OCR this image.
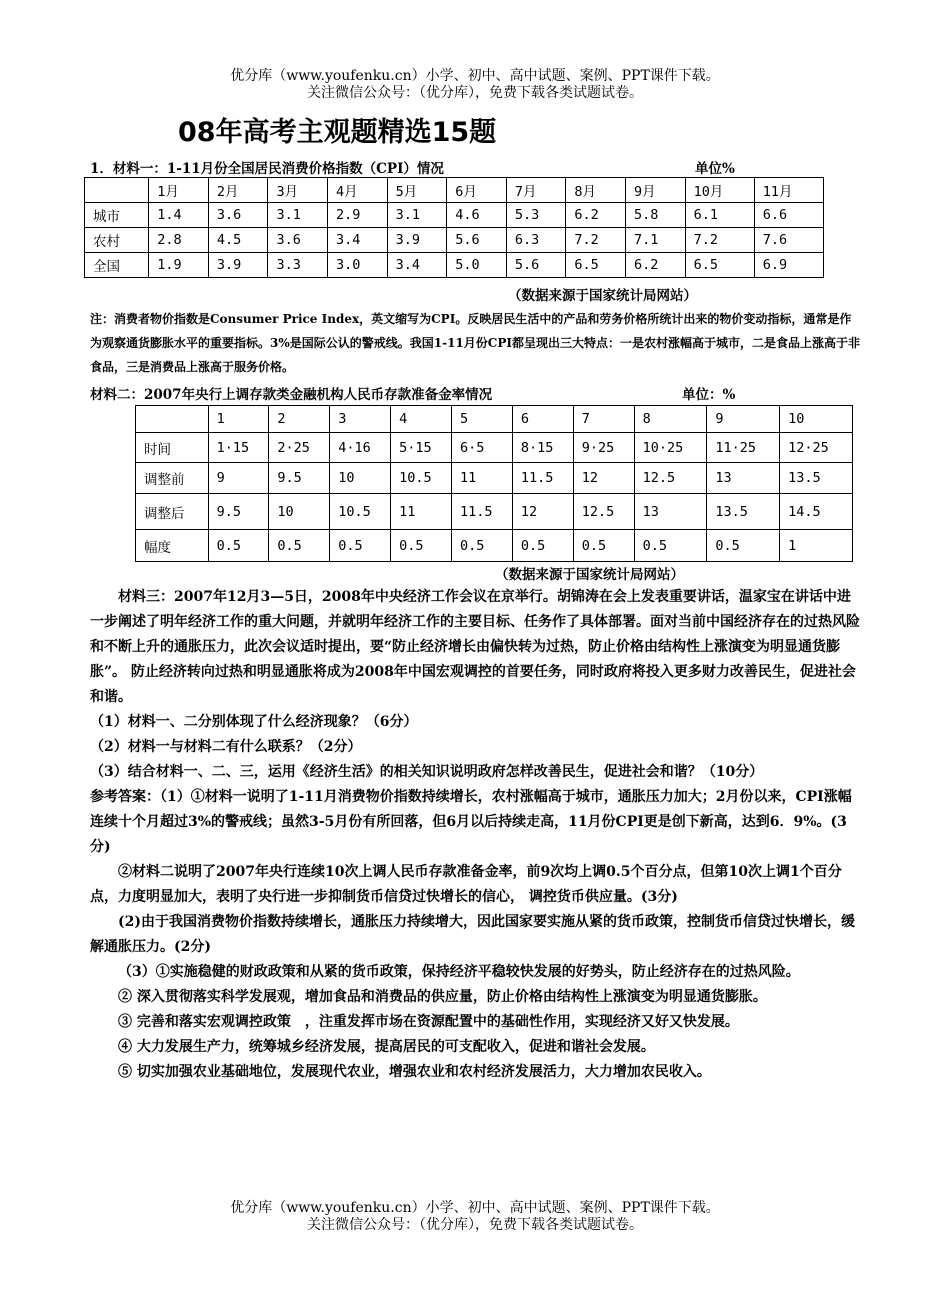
优分库（www.youfenku.cn）小学、初中、高中试题、案例、PPT课件下载。
关注微信公众号：（优分库），免费下载各类试题试卷。
08年高考主观题精选15题
1．材料一：1-11月份全国居民消费价格指数（CPI）情况	单位%
	1月	2月	3月	4月	5月	6月	7月	8月	9月	10月	11月
城市	1.4	3.6	3.1	2.9	3.1	4.6	5.3	6.2	5.8	6.1	6.6
农村	2.8	4.5	3.6	3.4	3.9	5.6	6.3	7.2	7.1	7.2	7.6
全国	1.9	3.9	3.3	3.0	3.4	5.0	5.6	6.5	6.2	6.5	6.9
（数据来源于国家统计局网站）
注：消费者物价指数是Consumer Price Index，英文缩写为CPI。反映居民生活中的产品和劳务价格所统计出来的物价变动指标，通常是作为观察通货膨胀水平的重要指标。3%是国际公认的警戒线。我国1-11月份CPI都呈现出三大特点：一是农村涨幅高于城市，二是食品上涨高于非食品，三是消费品上涨高于服务价格。
材料二：2007年央行上调存款类金融机构人民币存款准备金率情况	单位：%
	1	2	3	4	5	6	7	8	9	10
时间	1·15	2·25	4·16	5·15	6·5	8·15	9·25	10·25	11·25	12·25
调整前	9	9.5	10	10.5	11	11.5	12	12.5	13	13.5
调整后	9.5	10	10.5	11	11.5	12	12.5	13	13.5	14.5
幅度	0.5	0.5	0.5	0.5	0.5	0.5	0.5	0.5	0.5	1
（数据来源于国家统计局网站）

材料三：2007年12月3—5日，2008年中央经济工作会议在京举行。胡锦涛在会上发表重要讲话，温家宝在讲话中进一步阐述了明年经济工作的重大问题，并就明年经济工作的主要目标、任务作了具体部署。面对当前中国经济存在的过热风险和不断上升的通胀压力，此次会议适时提出，要“防止经济增长由偏快转为过热，防止价格由结构性上涨演变为明显通货膨胀”。 防止经济转向过热和明显通胀将成为2008年中国宏观调控的首要任务，同时政府将投入更多财力改善民生，促进社会和谐。

（1）材料一、二分别体现了什么经济现象？（6分）

（2）材料一与材料二有什么联系？（2分）

（3）结合材料一、二、三，运用《经济生活》的相关知识说明政府怎样改善民生，促进社会和谐？（10分）

参考答案：（1）①材料一说明了1-11月消费物价指数持续增长，农村涨幅高于城市，通胀压力加大；2月份以来，CPI涨幅连续十个月超过3%的警戒线；虽然3-5月份有所回落，但6月以后持续走高，11月份CPI更是创下新高，达到6．9%。(3分)

②材料二说明了2007年央行连续10次上调人民币存款准备金率，前9次均上调0.5个百分点，但第10次上调1个百分点，力度明显加大，表明了央行进一步抑制货币信贷过快增长的信心， 调控货币供应量。(3分)

(2)由于我国消费物价指数持续增长，通胀压力持续增大，因此国家要实施从紧的货币政策，控制货币信贷过快增长，缓解通胀压力。(2分)

（3）①实施稳健的财政政策和从紧的货币政策，保持经济平稳较快发展的好势头，防止经济存在的过热风险。

② 深入贯彻落实科学发展观，增加食品和消费品的供应量，防止价格由结构性上涨演变为明显通货膨胀。

③ 完善和落实宏观调控政策　，注重发挥市场在资源配置中的基础性作用，实现经济又好又快发展。

④ 大力发展生产力，统筹城乡经济发展，提高居民的可支配收入，促进和谐社会发展。

⑤ 切实加强农业基础地位，发展现代农业，增强农业和农村经济发展活力，大力增加农民收入。

优分库（www.youfenku.cn）小学、初中、高中试题、案例、PPT课件下载。
关注微信公众号：（优分库），免费下载各类试题试卷。
